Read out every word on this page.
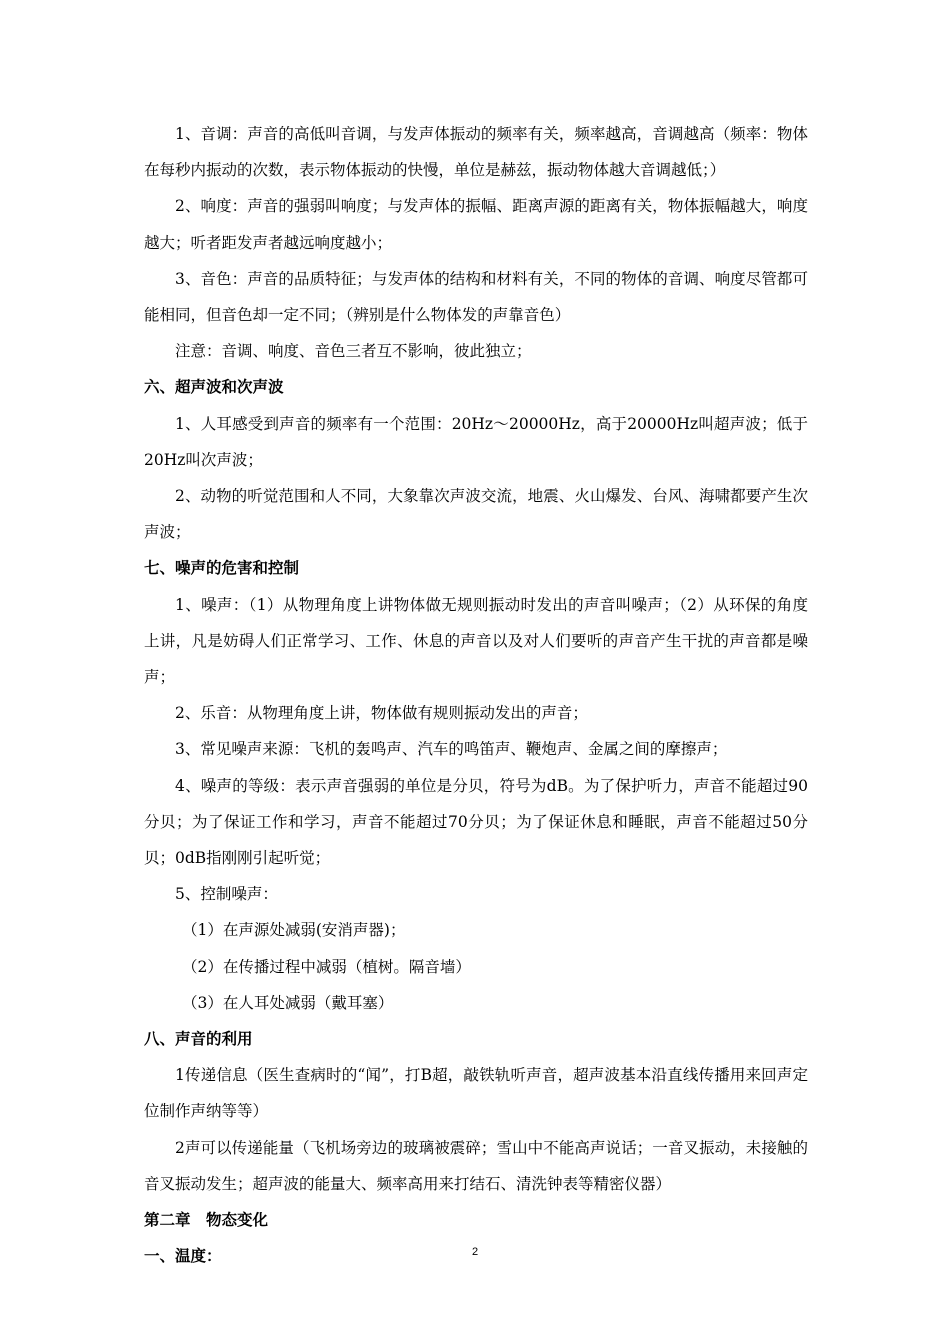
1、音调：声音的高低叫音调，与发声体振动的频率有关，频率越高，音调越高（频率：物体在每秒内振动的次数，表示物体振动的快慢，单位是赫兹，振动物体越大音调越低；）

2、响度：声音的强弱叫响度；与发声体的振幅、距离声源的距离有关，物体振幅越大，响度越大；听者距发声者越远响度越小；

3、音色：声音的品质特征；与发声体的结构和材料有关，不同的物体的音调、响度尽管都可能相同，但音色却一定不同；（辨别是什么物体发的声靠音色）

注意：音调、响度、音色三者互不影响，彼此独立；

六、超声波和次声波

1、人耳感受到声音的频率有一个范围：20Hz～20000Hz，高于20000Hz叫超声波；低于20Hz叫次声波；

2、动物的听觉范围和人不同，大象靠次声波交流，地震、火山爆发、台风、海啸都要产生次声波；

七、噪声的危害和控制

1、噪声：（1）从物理角度上讲物体做无规则振动时发出的声音叫噪声；（2）从环保的角度上讲，凡是妨碍人们正常学习、工作、休息的声音以及对人们要听的声音产生干扰的声音都是噪声；

2、乐音：从物理角度上讲，物体做有规则振动发出的声音；

3、常见噪声来源：飞机的轰鸣声、汽车的鸣笛声、鞭炮声、金属之间的摩擦声；

4、噪声的等级：表示声音强弱的单位是分贝，符号为dB。为了保护听力，声音不能超过90分贝；为了保证工作和学习，声音不能超过70分贝；为了保证休息和睡眠，声音不能超过50分贝；0dB指刚刚引起听觉；

5、控制噪声：

（1）在声源处减弱(安消声器)；

（2）在传播过程中减弱（植树。隔音墙）

（3）在人耳处减弱（戴耳塞）

八、声音的利用

1传递信息（医生查病时的“闻”，打B超，敲铁轨听声音，超声波基本沿直线传播用来回声定位制作声纳等等）

2声可以传递能量（飞机场旁边的玻璃被震碎；雪山中不能高声说话；一音叉振动，未接触的音叉振动发生；超声波的能量大、频率高用来打结石、清洗钟表等精密仪器）

第二章　物态变化

一、温度：	2
